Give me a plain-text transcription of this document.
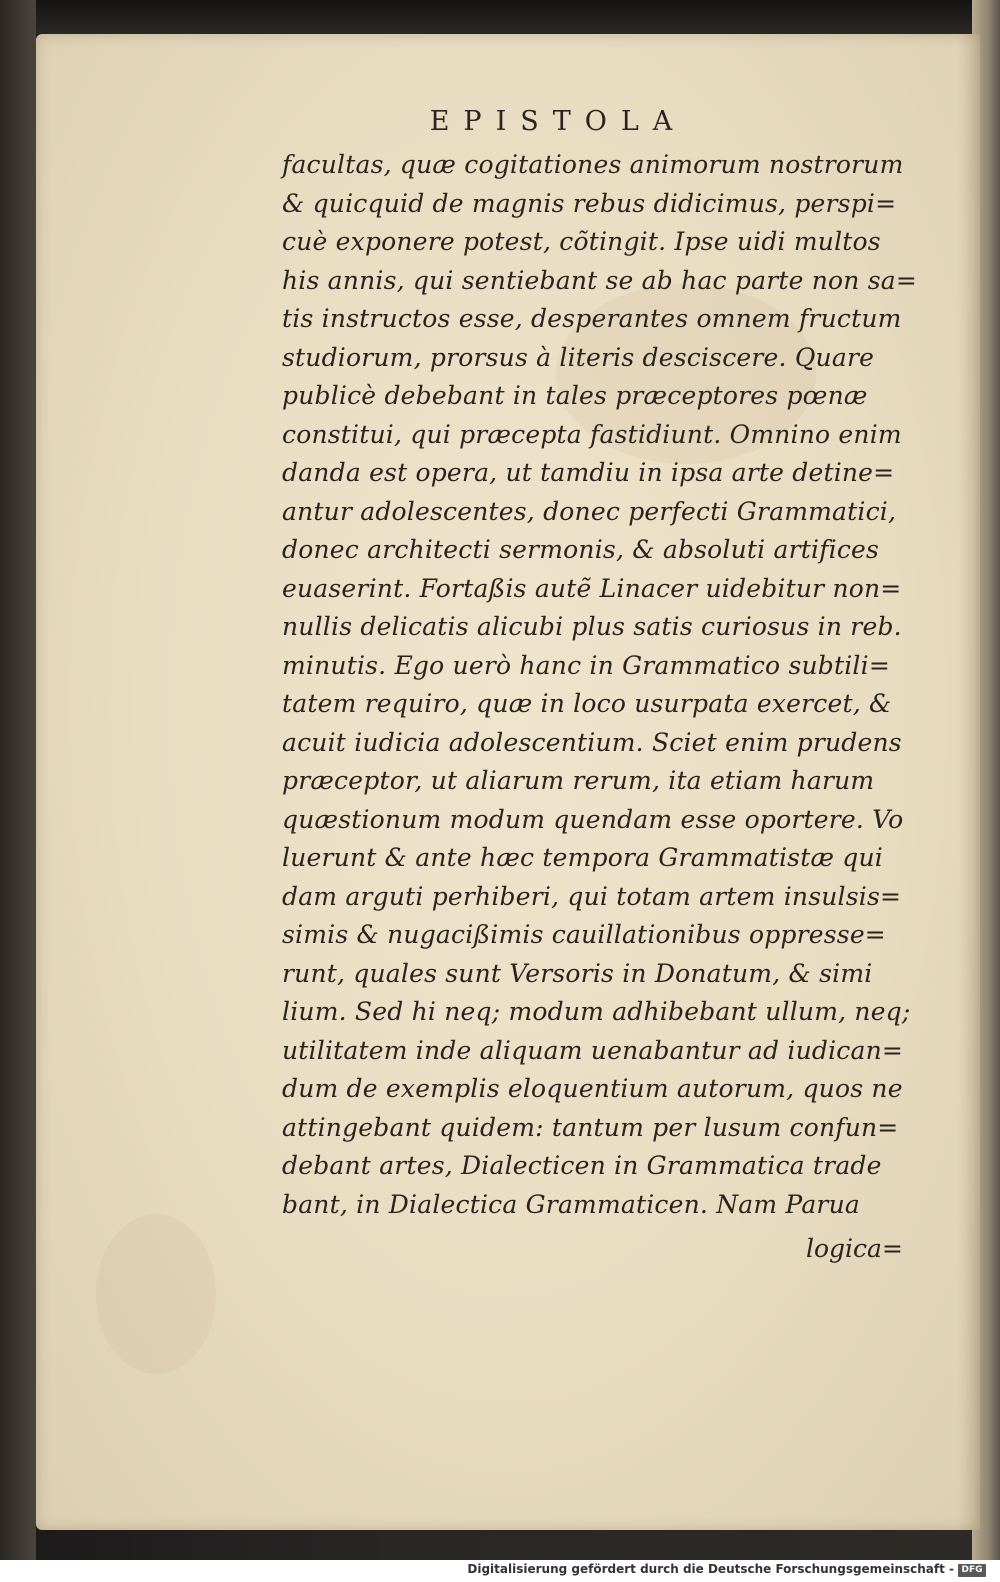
EPISTOLA
facultas, quæ cogitationes animorum nostrorum
& quicquid de magnis rebus didicimus, perspi=
cuè exponere potest, cõtingit. Ipse uidi multos
his annis, qui sentiebant se ab hac parte non sa=
tis instructos esse, desperantes omnem fructum
studiorum, prorsus à literis desciscere. Quare
publicè debebant in tales præceptores pœnæ
constitui, qui præcepta fastidiunt. Omnino enim
danda est opera, ut tamdiu in ipsa arte detine=
antur adolescentes, donec perfecti Grammatici,
donec architecti sermonis, & absoluti artifices
euaserint. Fortaßis autẽ Linacer uidebitur non=
nullis delicatis alicubi plus satis curiosus in reb.
minutis. Ego uerò hanc in Grammatico subtili=
tatem requiro, quæ in loco usurpata exercet, &
acuit iudicia adolescentium. Sciet enim prudens
præceptor, ut aliarum rerum, ita etiam harum
quæstionum modum quendam esse oportere. Vo
luerunt & ante hæc tempora Grammatistæ qui
dam arguti perhiberi, qui totam artem insulsis=
simis & nugacißimis cauillationibus oppresse=
runt, quales sunt Versoris in Donatum, & simi
lium. Sed hi neq; modum adhibebant ullum, neq;
utilitatem inde aliquam uenabantur ad iudican=
dum de exemplis eloquentium autorum, quos ne
attingebant quidem: tantum per lusum confun=
debant artes, Dialecticen in Grammatica trade
bant, in Dialectica Grammaticen. Nam Parua
logica=
Digitalisierung gefördert durch die Deutsche Forschungsgemeinschaft - DFG
